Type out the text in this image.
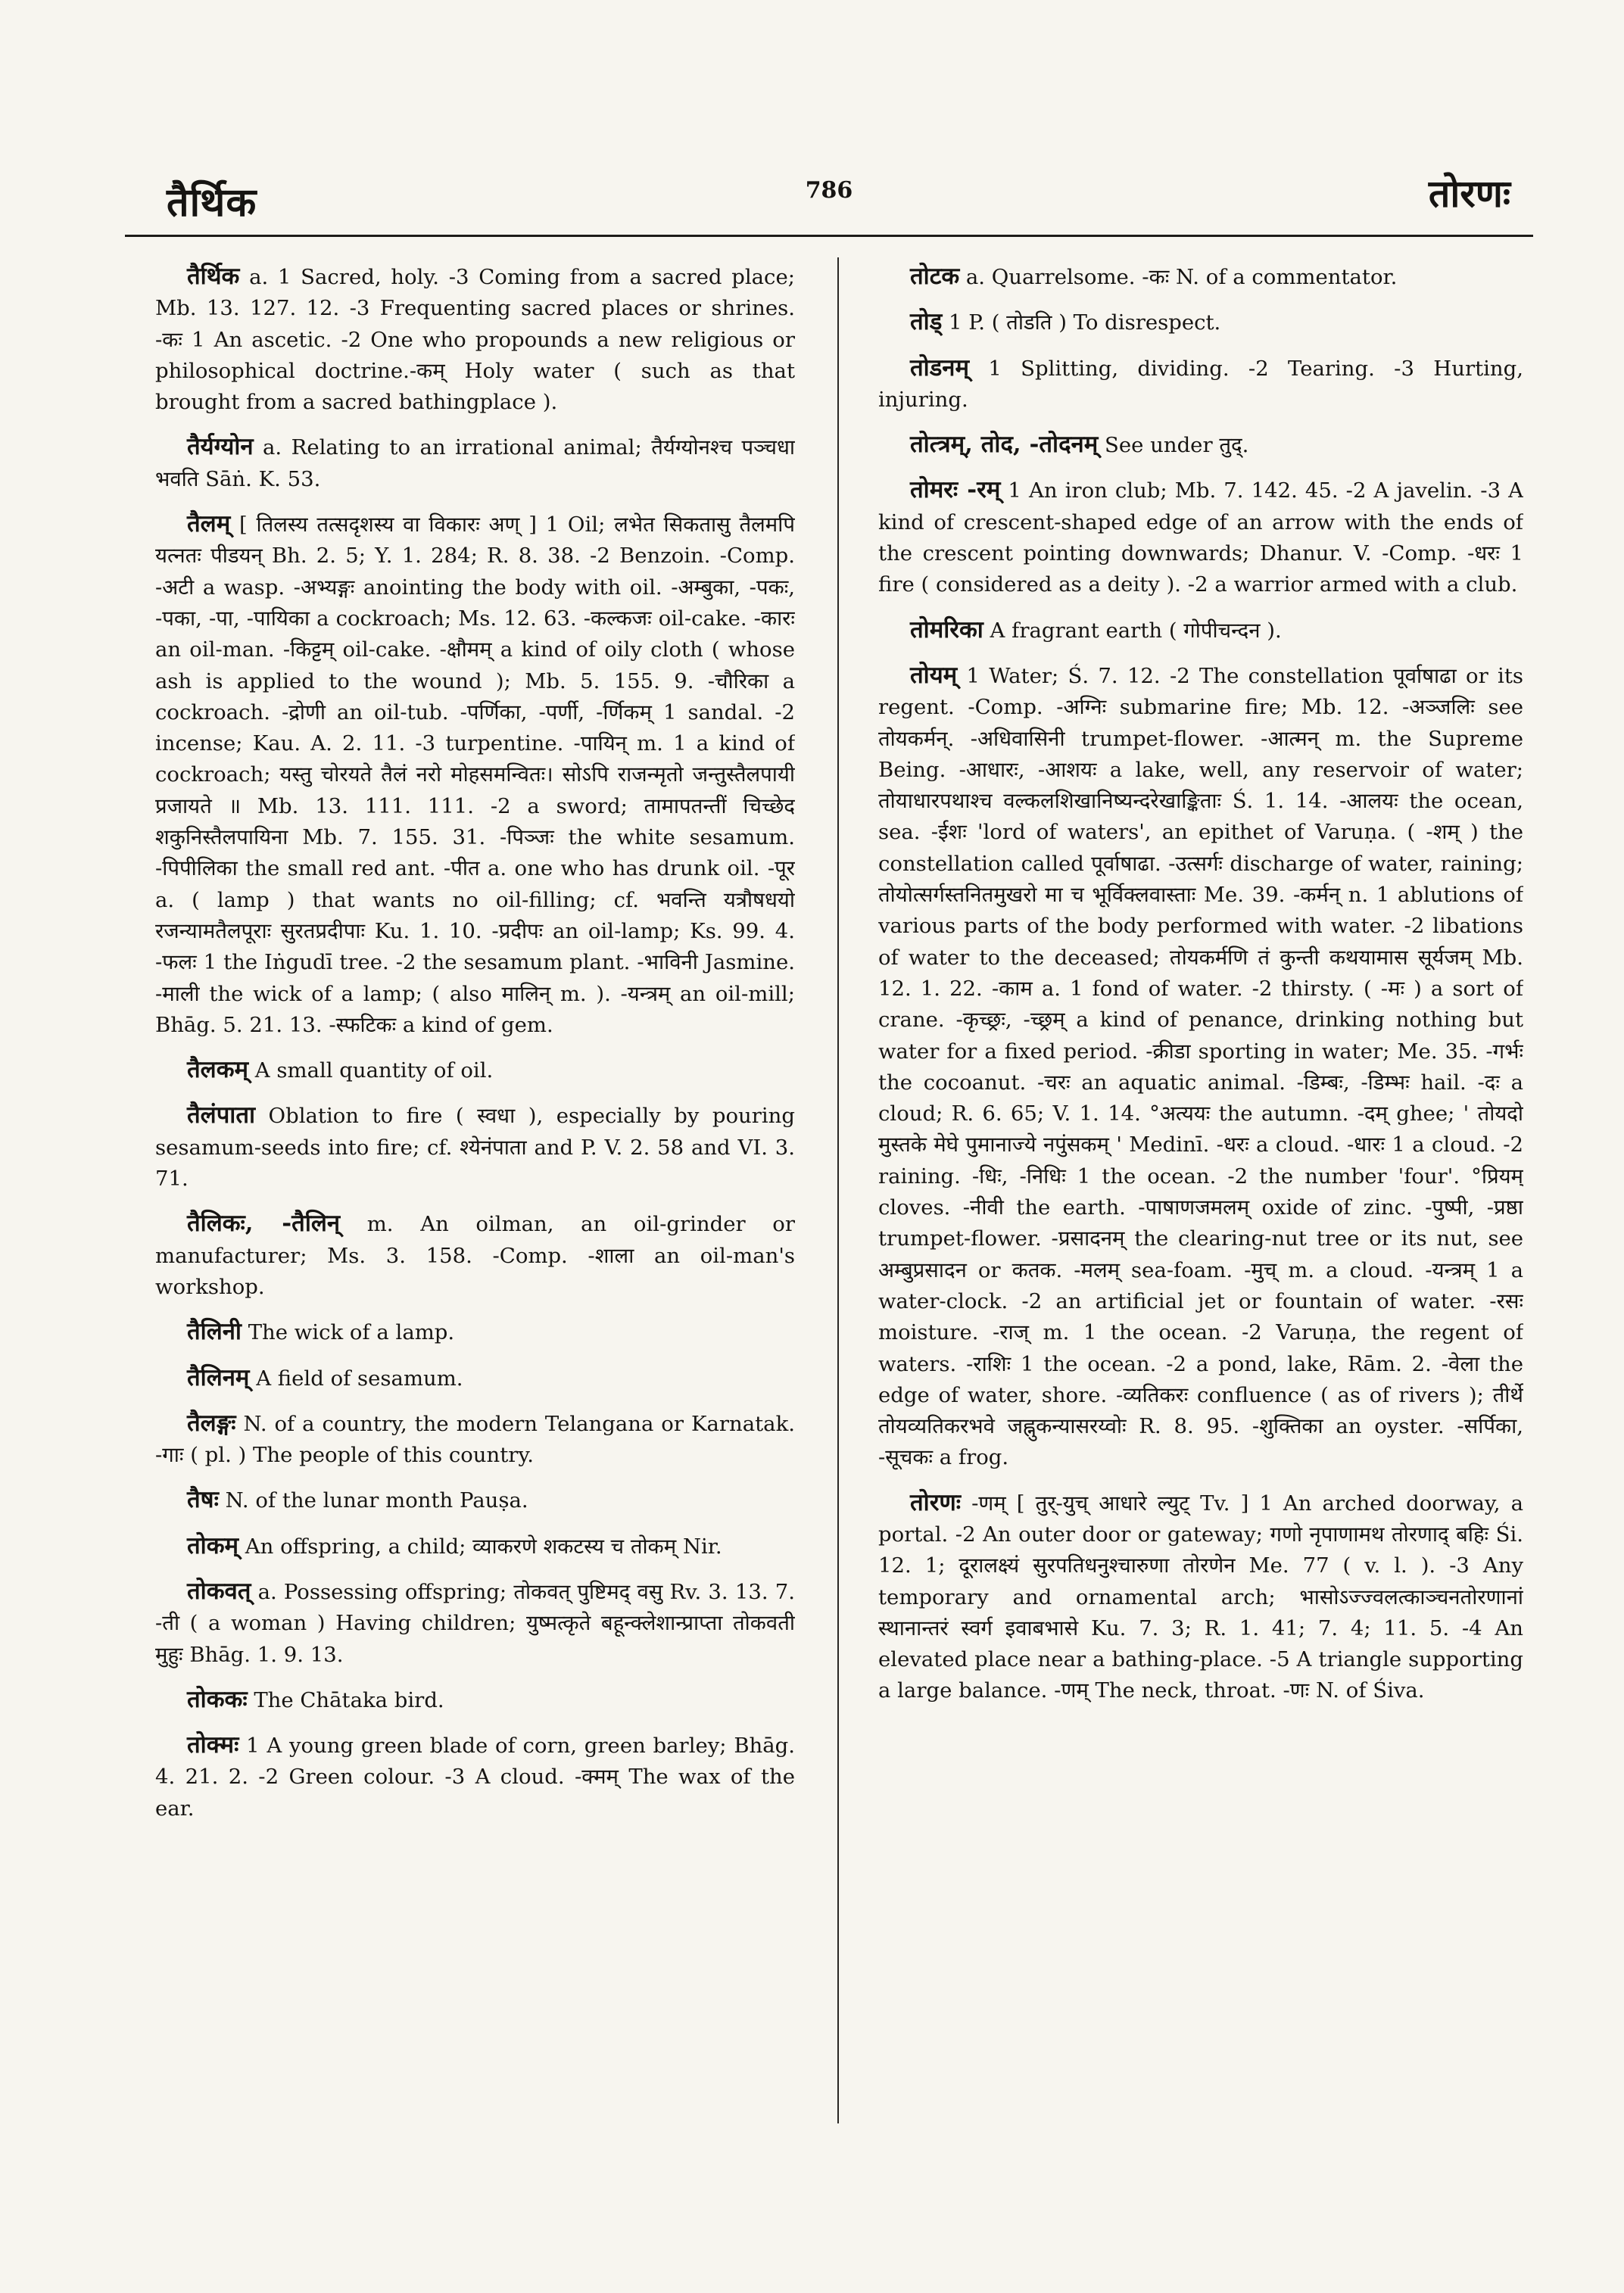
तैर्थिक	786	तोरणः

तैर्थिक a. 1 Sacred, holy. -3 Coming from a sacred place; Mb. 13. 127. 12. -3 Frequenting sacred places or shrines. -कः 1 An ascetic. -2 One who propounds a new religious or philosophical doctrine.-कम् Holy water ( such as that brought from a sacred bathingplace ).

तैर्यग्योन a. Relating to an irrational animal; तैर्यग्योनश्च पञ्चधा भवति Sāṅ. K. 53.

तैलम् [ तिलस्य तत्सदृशस्य वा विकारः अण् ] 1 Oil; लभेत सिकतासु तैलमपि यत्नतः पीडयन् Bh. 2. 5; Y. 1. 284; R. 8. 38. -2 Benzoin. -Comp. -अटी a wasp. -अभ्यङ्गः anointing the body with oil. -अम्बुका, -पकः, -पका, -पा, -पायिका a cockroach; Ms. 12. 63. -कल्कजः oil-cake. -कारः an oil-man. -किट्टम् oil-cake. -क्षौमम् a kind of oily cloth ( whose ash is applied to the wound ); Mb. 5. 155. 9. -चौरिका a cockroach. -द्रोणी an oil-tub. -पर्णिका, -पर्णी, -र्णिकम् 1 sandal. -2 incense; Kau. A. 2. 11. -3 turpentine. -पायिन् m. 1 a kind of cockroach; यस्तु चोरयते तैलं नरो मोहसमन्वितः। सोऽपि राजन्मृतो जन्तुस्तैलपायी प्रजायते ॥ Mb. 13. 111. 111. -2 a sword; तामापतन्तीं चिच्छेद शकुनिस्तैलपायिना Mb. 7. 155. 31. -पिञ्जः the white sesamum. -पिपीलिका the small red ant. -पीत a. one who has drunk oil. -पूर a. ( lamp ) that wants no oil-filling; cf. भवन्ति यत्रौषधयो रजन्यामतैलपूराः सुरतप्रदीपाः Ku. 1. 10. -प्रदीपः an oil-lamp; Ks. 99. 4. -फलः 1 the Iṅgudī tree. -2 the sesamum plant. -भाविनी Jasmine. -माली the wick of a lamp; ( also मालिन् m. ). -यन्त्रम् an oil-mill; Bhāg. 5. 21. 13. -स्फटिकः a kind of gem.

तैलकम् A small quantity of oil.

तैलंपाता Oblation to fire ( स्वधा ), especially by pouring sesamum-seeds into fire; cf. श्येनंपाता and P. V. 2. 58 and VI. 3. 71.

तैलिकः, -तैलिन् m. An oilman, an oil-grinder or manufacturer; Ms. 3. 158. -Comp. -शाला an oil-man's workshop.

तैलिनी The wick of a lamp.

तैलिनम् A field of sesamum.

तैलङ्गः N. of a country, the modern Telangana or Karnatak. -गाः ( pl. ) The people of this country.

तैषः N. of the lunar month Pauṣa.

तोकम् An offspring, a child; व्याकरणे शकटस्य च तोकम् Nir.

तोकवत् a. Possessing offspring; तोकवत् पुष्टिमद् वसु Rv. 3. 13. 7. -ती ( a woman ) Having children; युष्मत्कृते बहून्क्लेशान्प्राप्ता तोकवती मुहुः Bhāg. 1. 9. 13.

तोककः The Chātaka bird.

तोक्मः 1 A young green blade of corn, green barley; Bhāg. 4. 21. 2. -2 Green colour. -3 A cloud. -क्मम् The wax of the ear.

तोटक a. Quarrelsome. -कः N. of a commentator.

तोड् 1 P. ( तोडति ) To disrespect.

तोडनम् 1 Splitting, dividing. -2 Tearing. -3 Hurting, injuring.

तोत्त्रम्, तोद, -तोदनम् See under तुद्.

तोमरः -रम् 1 An iron club; Mb. 7. 142. 45. -2 A javelin. -3 A kind of crescent-shaped edge of an arrow with the ends of the crescent pointing downwards; Dhanur. V. -Comp. -धरः 1 fire ( considered as a deity ). -2 a warrior armed with a club.

तोमरिका A fragrant earth ( गोपीचन्दन ).

तोयम् 1 Water; Ś. 7. 12. -2 The constellation पूर्वाषाढा or its regent. -Comp. -अग्निः submarine fire; Mb. 12. -अञ्जलिः see तोयकर्मन्. -अधिवासिनी trumpet-flower. -आत्मन् m. the Supreme Being. -आधारः, -आशयः a lake, well, any reservoir of water; तोयाधारपथाश्च वल्कलशिखानिष्यन्दरेखाङ्किताः Ś. 1. 14. -आलयः the ocean, sea. -ईशः 'lord of waters', an epithet of Varuṇa. ( -शम् ) the constellation called पूर्वाषाढा. -उत्सर्गः discharge of water, raining; तोयोत्सर्गस्तनितमुखरो मा च भूर्विक्लवास्ताः Me. 39. -कर्मन् n. 1 ablutions of various parts of the body performed with water. -2 libations of water to the deceased; तोयकर्मणि तं कुन्ती कथयामास सूर्यजम् Mb. 12. 1. 22. -काम a. 1 fond of water. -2 thirsty. ( -मः ) a sort of crane. -कृच्छ्रः, -च्छ्रम् a kind of penance, drinking nothing but water for a fixed period. -क्रीडा sporting in water; Me. 35. -गर्भः the cocoanut. -चरः an aquatic animal. -डिम्बः, -डिम्भः hail. -दः a cloud; R. 6. 65; V. 1. 14. °अत्ययः the autumn. -दम् ghee; ' तोयदो मुस्तके मेघे पुमानाज्ये नपुंसकम् ' Medinī. -धरः a cloud. -धारः 1 a cloud. -2 raining. -धिः, -निधिः 1 the ocean. -2 the number 'four'. °प्रियम् cloves. -नीवी the earth. -पाषाणजमलम् oxide of zinc. -पुष्पी, -प्रष्ठा trumpet-flower. -प्रसादनम् the clearing-nut tree or its nut, see अम्बुप्रसादन or कतक. -मलम् sea-foam. -मुच् m. a cloud. -यन्त्रम् 1 a water-clock. -2 an artificial jet or fountain of water. -रसः moisture. -राज् m. 1 the ocean. -2 Varuṇa, the regent of waters. -राशिः 1 the ocean. -2 a pond, lake, Rām. 2. -वेला the edge of water, shore. -व्यतिकरः confluence ( as of rivers ); तीर्थे तोयव्यतिकरभवे जह्नुकन्यासरय्वोः R. 8. 95. -शुक्तिका an oyster. -सर्पिका, -सूचकः a frog.

तोरणः -णम् [ तुर्-युच् आधारे ल्युट् Tv. ] 1 An arched doorway, a portal. -2 An outer door or gateway; गणो नृपाणामथ तोरणाद् बहिः Śi. 12. 1; दूरालक्ष्यं सुरपतिधनुश्चारुणा तोरणेन Me. 77 ( v. l. ). -3 Any temporary and ornamental arch; भासोऽज्ज्वलत्काञ्चनतोरणानां स्थानान्तरं स्वर्ग इवाबभासे Ku. 7. 3; R. 1. 41; 7. 4; 11. 5. -4 An elevated place near a bathing-place. -5 A triangle supporting a large balance. -णम् The neck, throat. -णः N. of Śiva.
